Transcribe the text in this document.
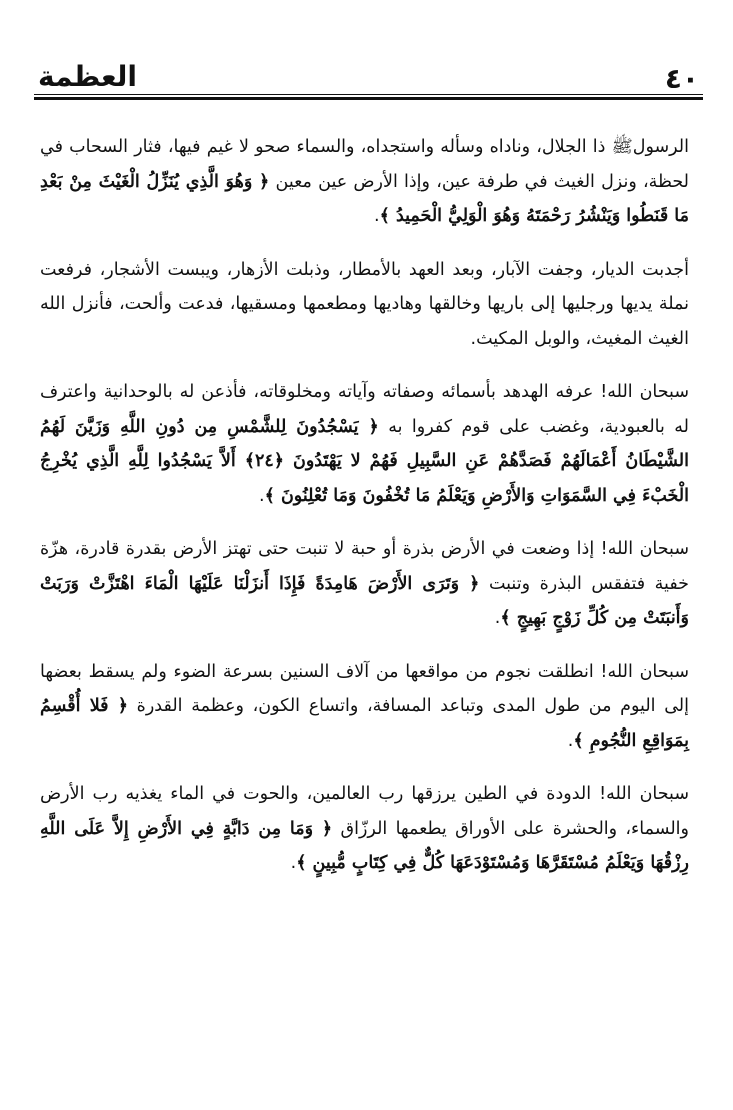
٤٠
العظمة

الرسولﷺ ذا الجلال، وناداه وسأله واستجداه، والسماء صحو لا غيم فيها، فثار السحاب في لحظة، ونزل الغيث في طرفة عين، وإذا الأرض عين معين ﴿ وَهُوَ الَّذِي يُنَزِّلُ الْغَيْثَ مِنْ بَعْدِ مَا قَنَطُوا وَيَنْشُرُ رَحْمَتَهُ وَهُوَ الْوَلِيُّ الْحَمِيدُ ﴾.

أجدبت الديار، وجفت الآبار، وبعد العهد بالأمطار، وذبلت الأزهار، ويبست الأشجار، فرفعت نملة يديها ورجليها إلى باريها وخالقها وهاديها ومطعمها ومسقيها، فدعت وألحت، فأنزل الله الغيث المغيث، والوبل المكيث.

سبحان الله! عرفه الهدهد بأسمائه وصفاته وآياته ومخلوقاته، فأذعن له بالوحدانية واعترف له بالعبودية، وغضب على قوم كفروا به ﴿ يَسْجُدُونَ لِلشَّمْسِ مِن دُونِ اللَّهِ وَزَيَّنَ لَهُمُ الشَّيْطَانُ أَعْمَالَهُمْ فَصَدَّهُمْ عَنِ السَّبِيلِ فَهُمْ لا يَهْتَدُونَ ﴿٢٤﴾ أَلاَّ يَسْجُدُوا لِلَّهِ الَّذِي يُخْرِجُ الْخَبْءَ فِي السَّمَوَاتِ وَالأَرْضِ وَيَعْلَمُ مَا تُخْفُونَ وَمَا تُعْلِنُونَ ﴾.

سبحان الله! إذا وضعت في الأرض بذرة أو حبة لا تنبت حتى تهتز الأرض بقدرة قادرة، هزّة خفية فتفقس البذرة وتنبت ﴿ وَتَرَى الأَرْضَ هَامِدَةً فَإِذَا أَنزَلْنَا عَلَيْهَا الْمَاءَ اهْتَزَّتْ وَرَبَتْ وَأَنبَتَتْ مِن كُلِّ زَوْجٍ بَهِيجٍ ﴾.

سبحان الله! انطلقت نجوم من مواقعها من آلاف السنين بسرعة الضوء ولم يسقط بعضها إلى اليوم من طول المدى وتباعد المسافة، واتساع الكون، وعظمة القدرة ﴿ فَلا أُقْسِمُ بِمَوَاقِعِ النُّجُومِ ﴾.

سبحان الله! الدودة في الطين يرزقها رب العالمين، والحوت في الماء يغذيه رب الأرض والسماء، والحشرة على الأوراق يطعمها الرزّاق ﴿ وَمَا مِن دَابَّةٍ فِي الأَرْضِ إِلاَّ عَلَى اللَّهِ رِزْقُهَا وَيَعْلَمُ مُسْتَقَرَّهَا وَمُسْتَوْدَعَهَا كُلٌّ فِي كِتَابٍ مُّبِينٍ ﴾.
